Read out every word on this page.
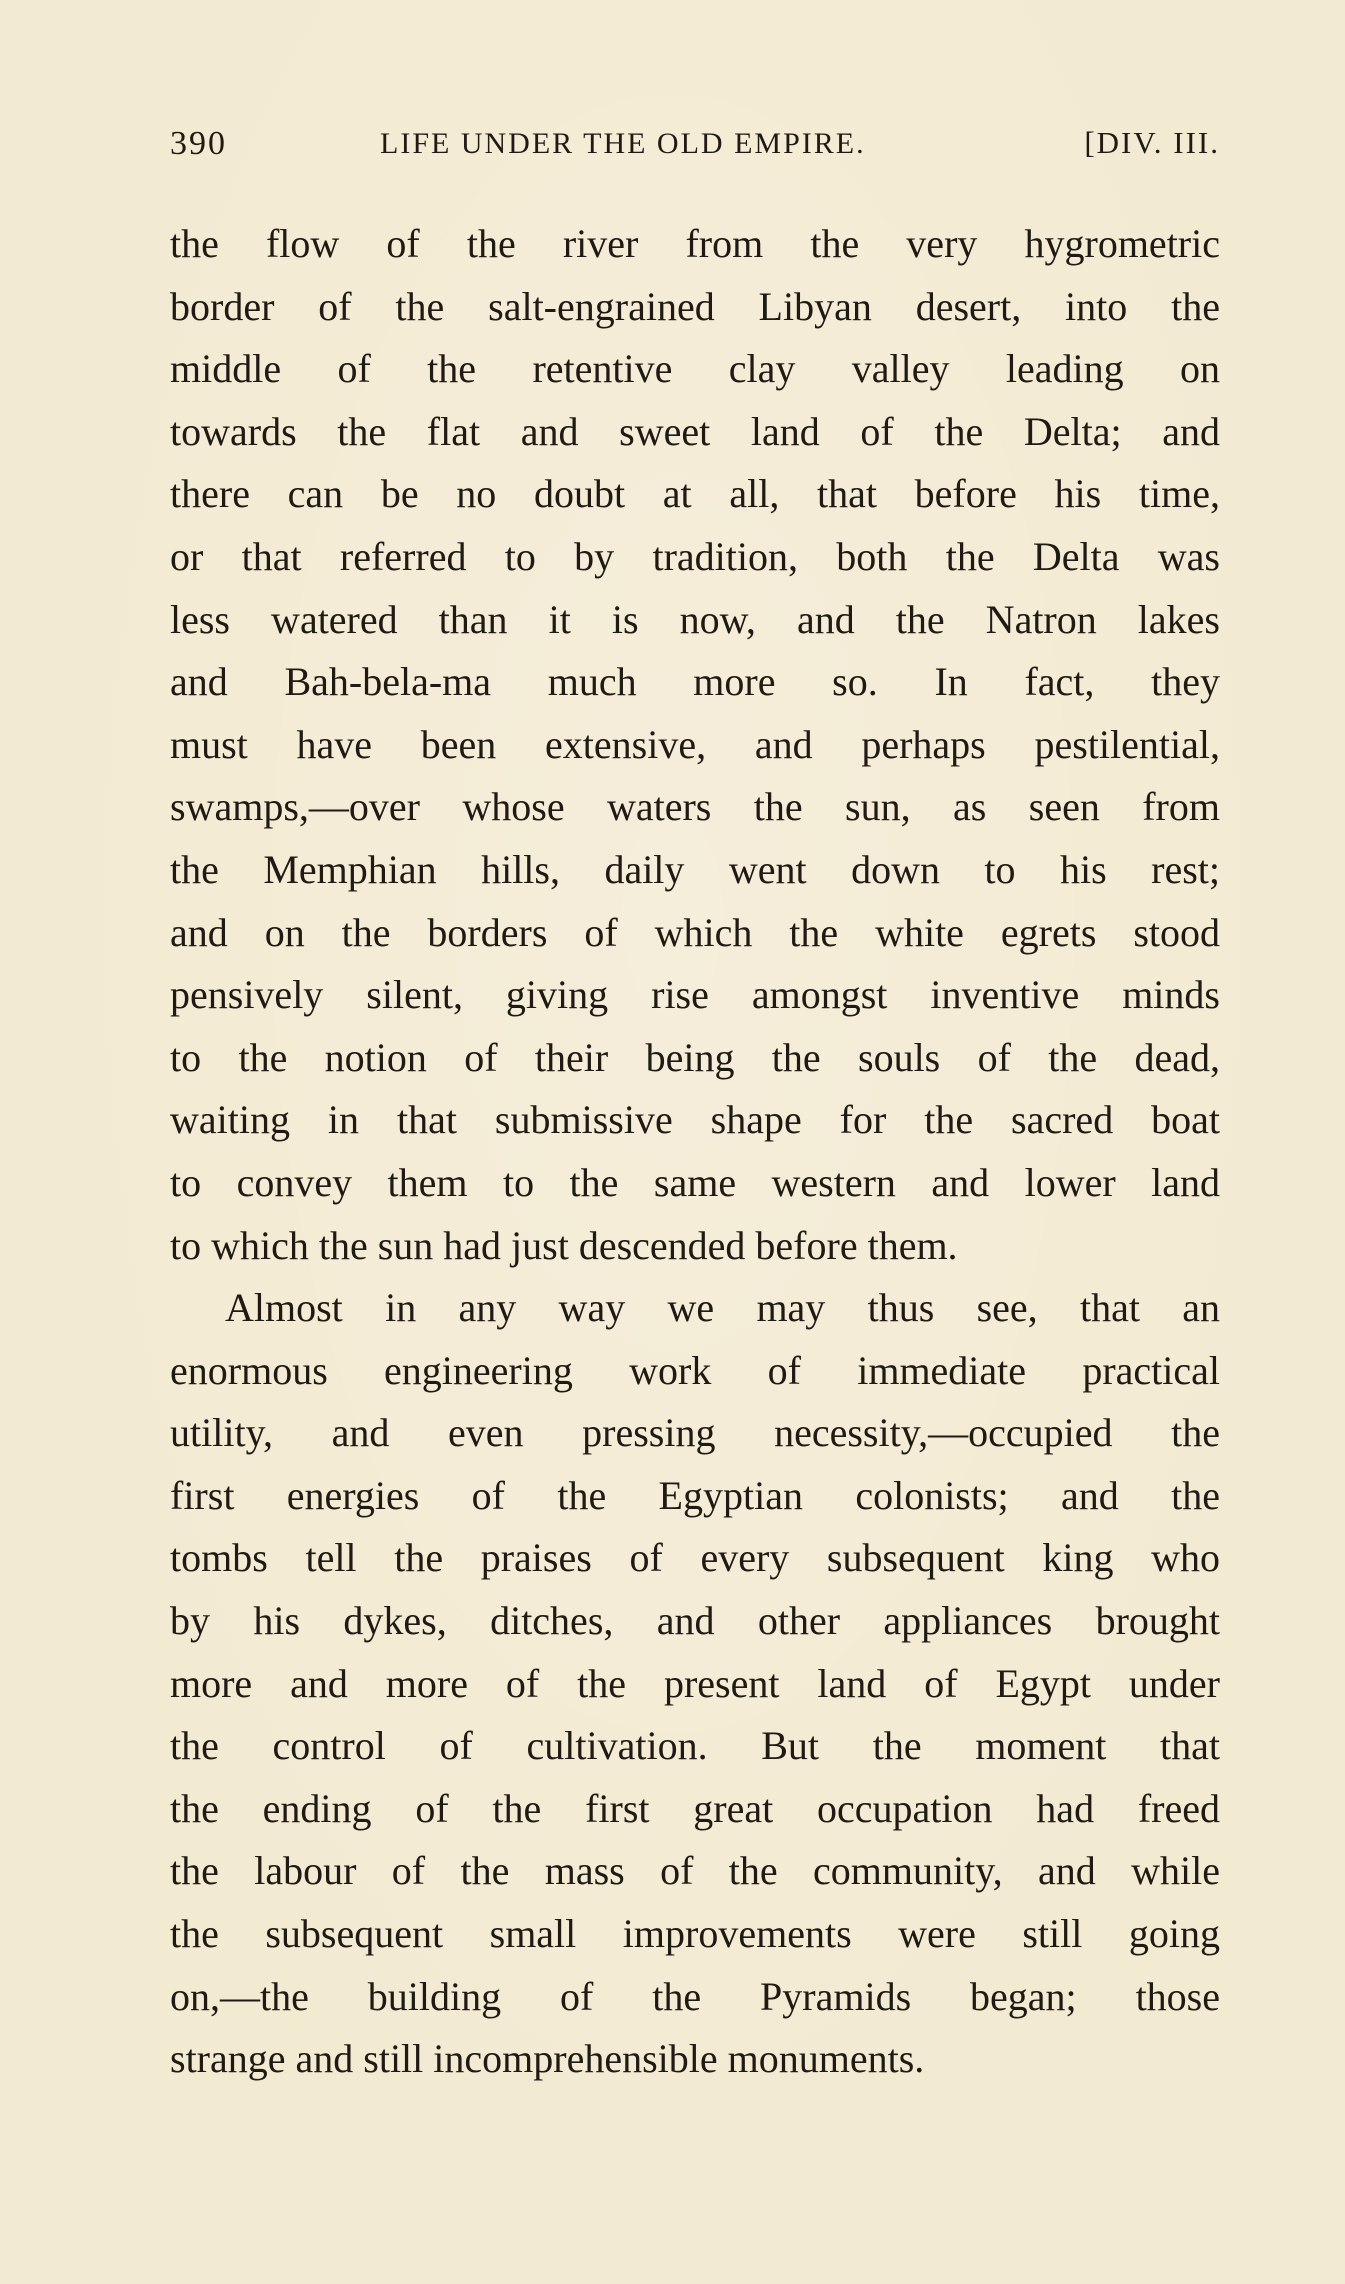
390	LIFE UNDER THE OLD EMPIRE.	[DIV. III.
the flow of the river from the very hygrometric
border of the salt-engrained Libyan desert, into the
middle of the retentive clay valley leading on
towards the flat and sweet land of the Delta; and
there can be no doubt at all, that before his time,
or that referred to by tradition, both the Delta was
less watered than it is now, and the Natron lakes
and Bah-bela-ma much more so. In fact, they
must have been extensive, and perhaps pestilential,
swamps,—over whose waters the sun, as seen from
the Memphian hills, daily went down to his rest;
and on the borders of which the white egrets stood
pensively silent, giving rise amongst inventive minds
to the notion of their being the souls of the dead,
waiting in that submissive shape for the sacred boat
to convey them to the same western and lower land
to which the sun had just descended before them.
Almost in any way we may thus see, that an
enormous engineering work of immediate practical
utility, and even pressing necessity,—occupied the
first energies of the Egyptian colonists; and the
tombs tell the praises of every subsequent king who
by his dykes, ditches, and other appliances brought
more and more of the present land of Egypt under
the control of cultivation. But the moment that
the ending of the first great occupation had freed
the labour of the mass of the community, and while
the subsequent small improvements were still going
on,—the building of the Pyramids began; those
strange and still incomprehensible monuments.
